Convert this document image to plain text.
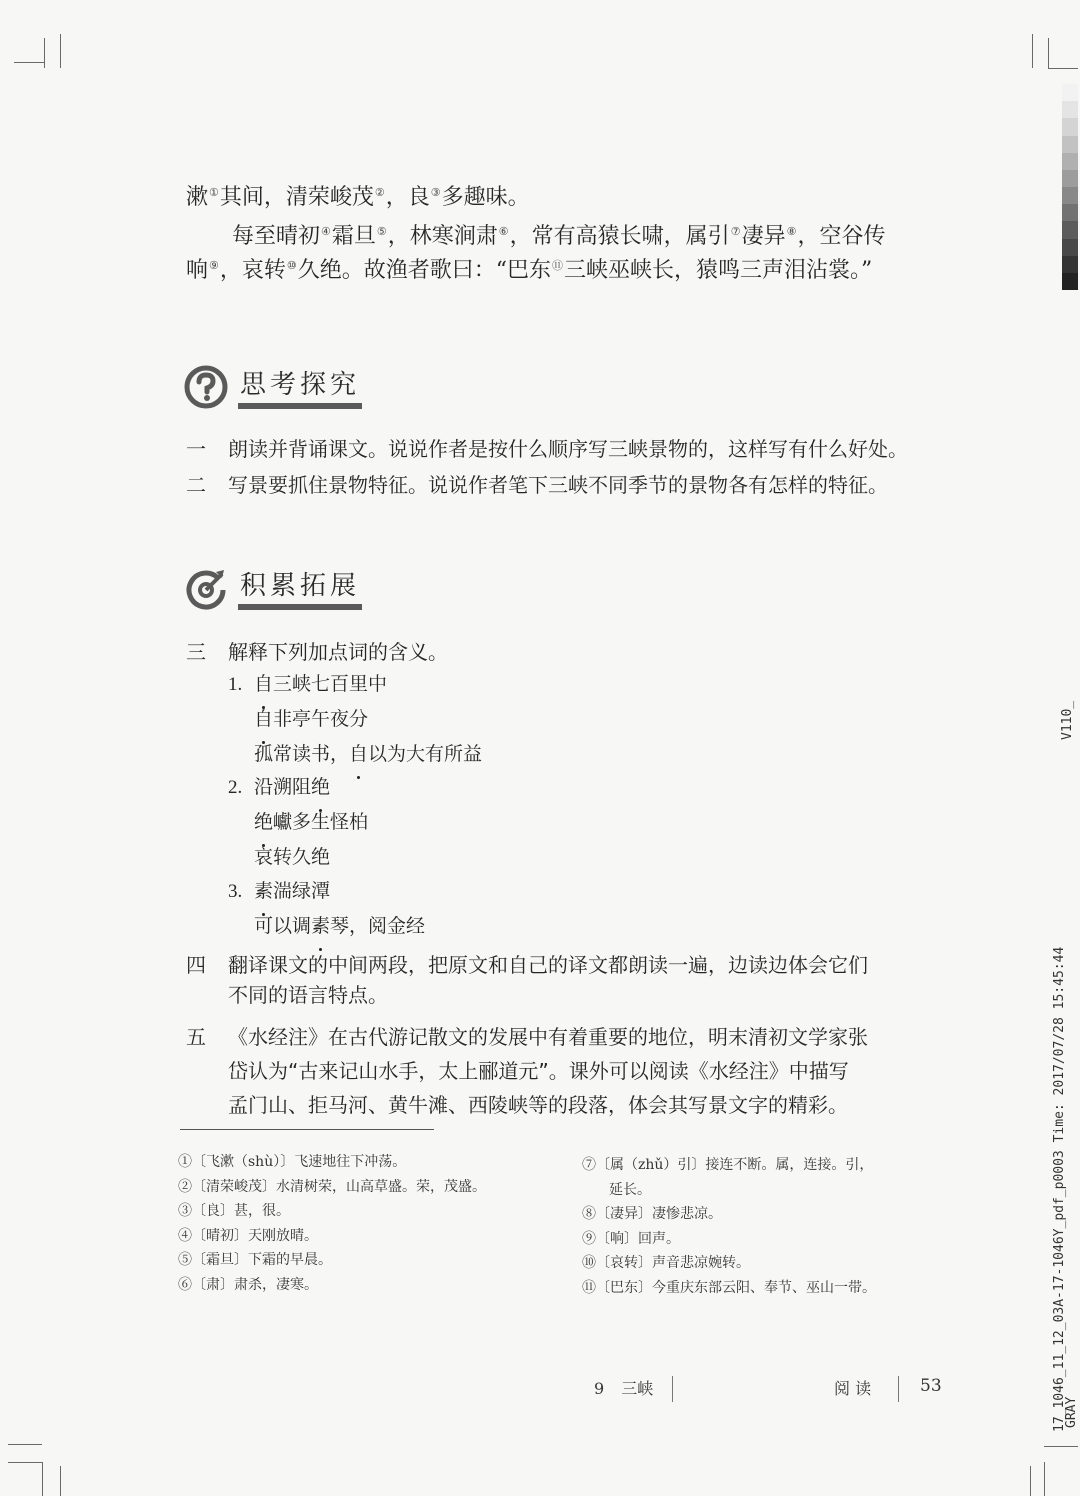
漱①其间，清荣峻茂②，良③多趣味。
每至晴初④霜旦⑤，林寒涧肃⑥，常有高猿长啸，属引⑦凄异⑧，空谷传
响⑨，哀转⑩久绝。故渔者歌曰：“巴东⑪三峡巫峡长，猿鸣三声泪沾裳。”
思考探究
一	朗读并背诵课文。说说作者是按什么顺序写三峡景物的，这样写有什么好处。
二	写景要抓住景物特征。说说作者笔下三峡不同季节的景物各有怎样的特征。
积累拓展
三	解释下列加点词的含义。
1. 自三峡七百里中
自非亭午夜分
孤常读书，自以为大有所益
2. 沿溯阻绝
绝巘多生怪柏
哀转久绝
3. 素湍绿潭
可以调素琴，阅金经
四	翻译课文的中间两段，把原文和自己的译文都朗读一遍，边读边体会它们
不同的语言特点。
五	《水经注》在古代游记散文的发展中有着重要的地位，明末清初文学家张
岱认为“古来记山水手，太上郦道元”。课外可以阅读《水经注》中描写
孟门山、拒马河、黄牛滩、西陵峡等的段落，体会其写景文字的精彩。
①〔飞漱（shù）〕飞速地往下冲荡。
②〔清荣峻茂〕水清树荣，山高草盛。荣，茂盛。
③〔良〕甚，很。
④〔晴初〕天刚放晴。
⑤〔霜旦〕下霜的早晨。
⑥〔肃〕肃杀，凄寒。
⑦〔属（zhǔ）引〕接连不断。属，连接。引，
延长。
⑧〔凄异〕凄惨悲凉。
⑨〔响〕回声。
⑩〔哀转〕声音悲凉婉转。
⑪〔巴东〕今重庆东部云阳、奉节、巫山一带。
9 三峡	阅 读	53
V110_
17_1046_11_12_03A-17-1046Y_pdf_p0003 Time: 2017/07/28 15:45:44
GRAY
